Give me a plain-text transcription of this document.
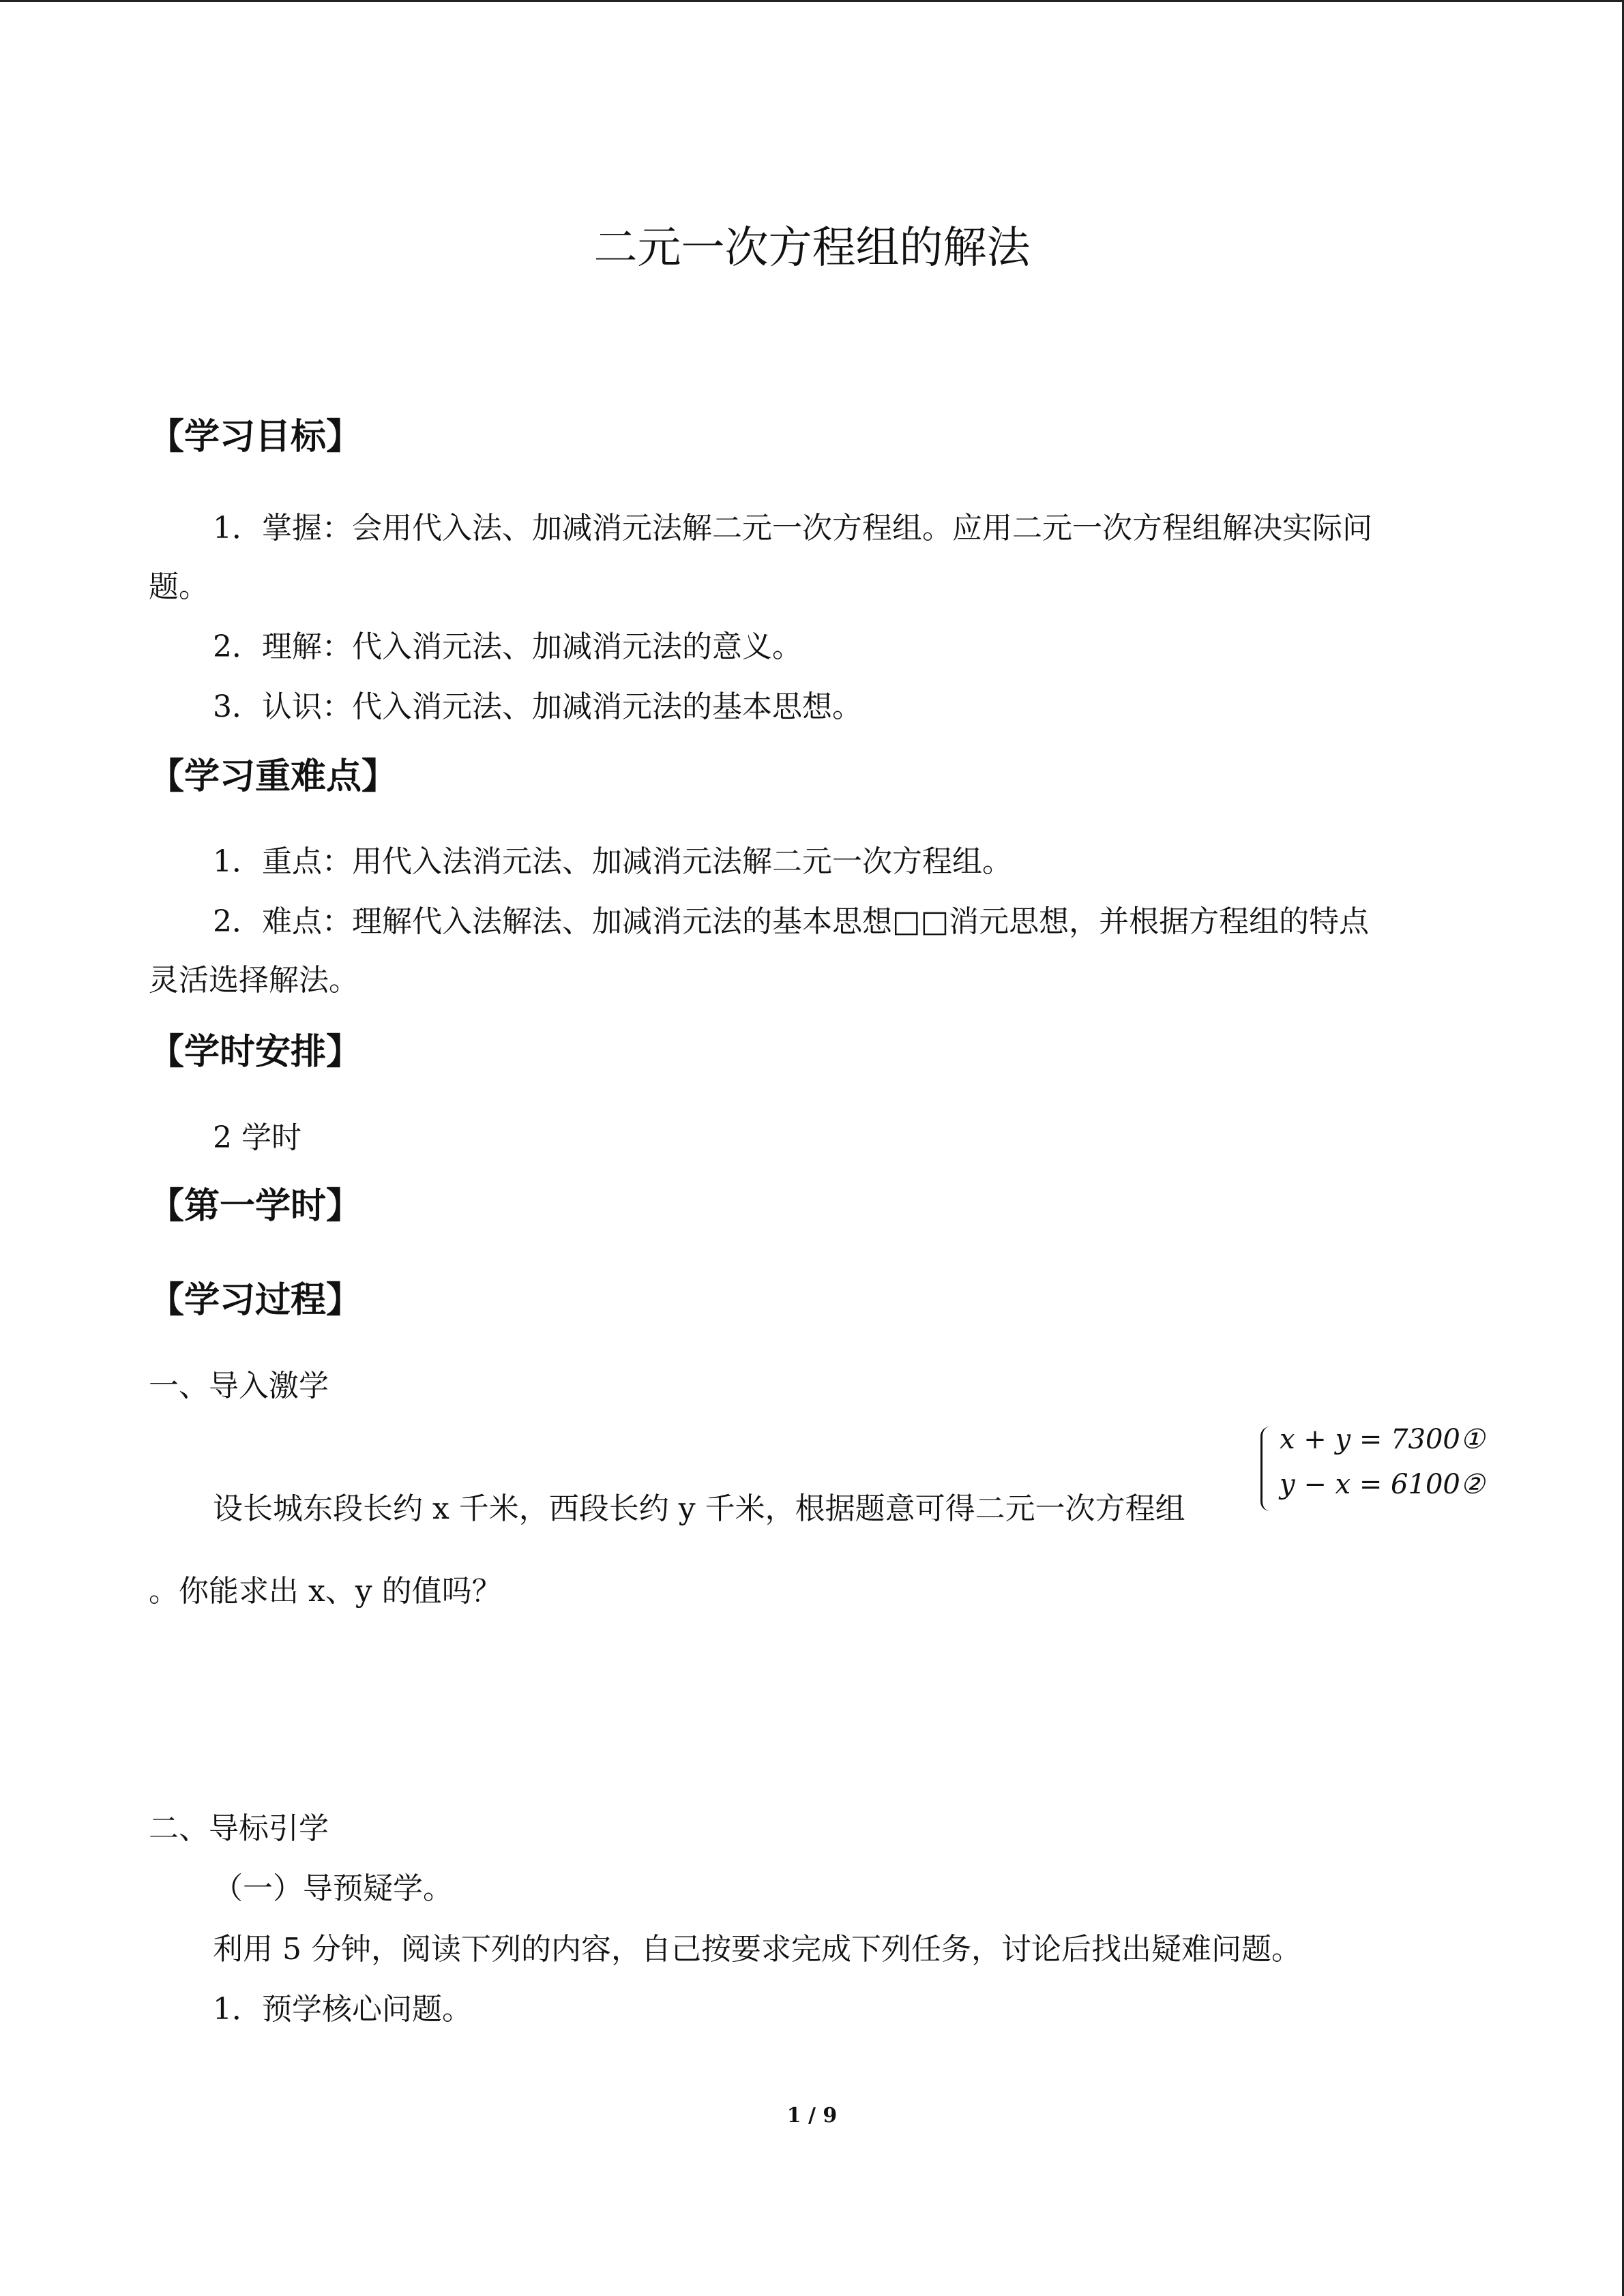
二元一次方程组的解法
【学习目标】
1．掌握：会用代入法、加减消元法解二元一次方程组。应用二元一次方程组解决实际问
题。
2．理解：代入消元法、加减消元法的意义。
3．认识：代入消元法、加减消元法的基本思想。
【学习重难点】
1．重点：用代入法消元法、加减消元法解二元一次方程组。
2．难点：理解代入法解法、加减消元法的基本思想□□消元思想，并根据方程组的特点
灵活选择解法。
【学时安排】
2 学时
【第一学时】
【学习过程】
一、导入激学
设长城东段长约 x 千米，西段长约 y 千米，根据题意可得二元一次方程组
x + y = 7300①
y − x = 6100②
。你能求出 x、y 的值吗？
二、导标引学
（一）导预疑学。
利用 5 分钟，阅读下列的内容，自己按要求完成下列任务，讨论后找出疑难问题。
1．预学核心问题。
1 / 9
